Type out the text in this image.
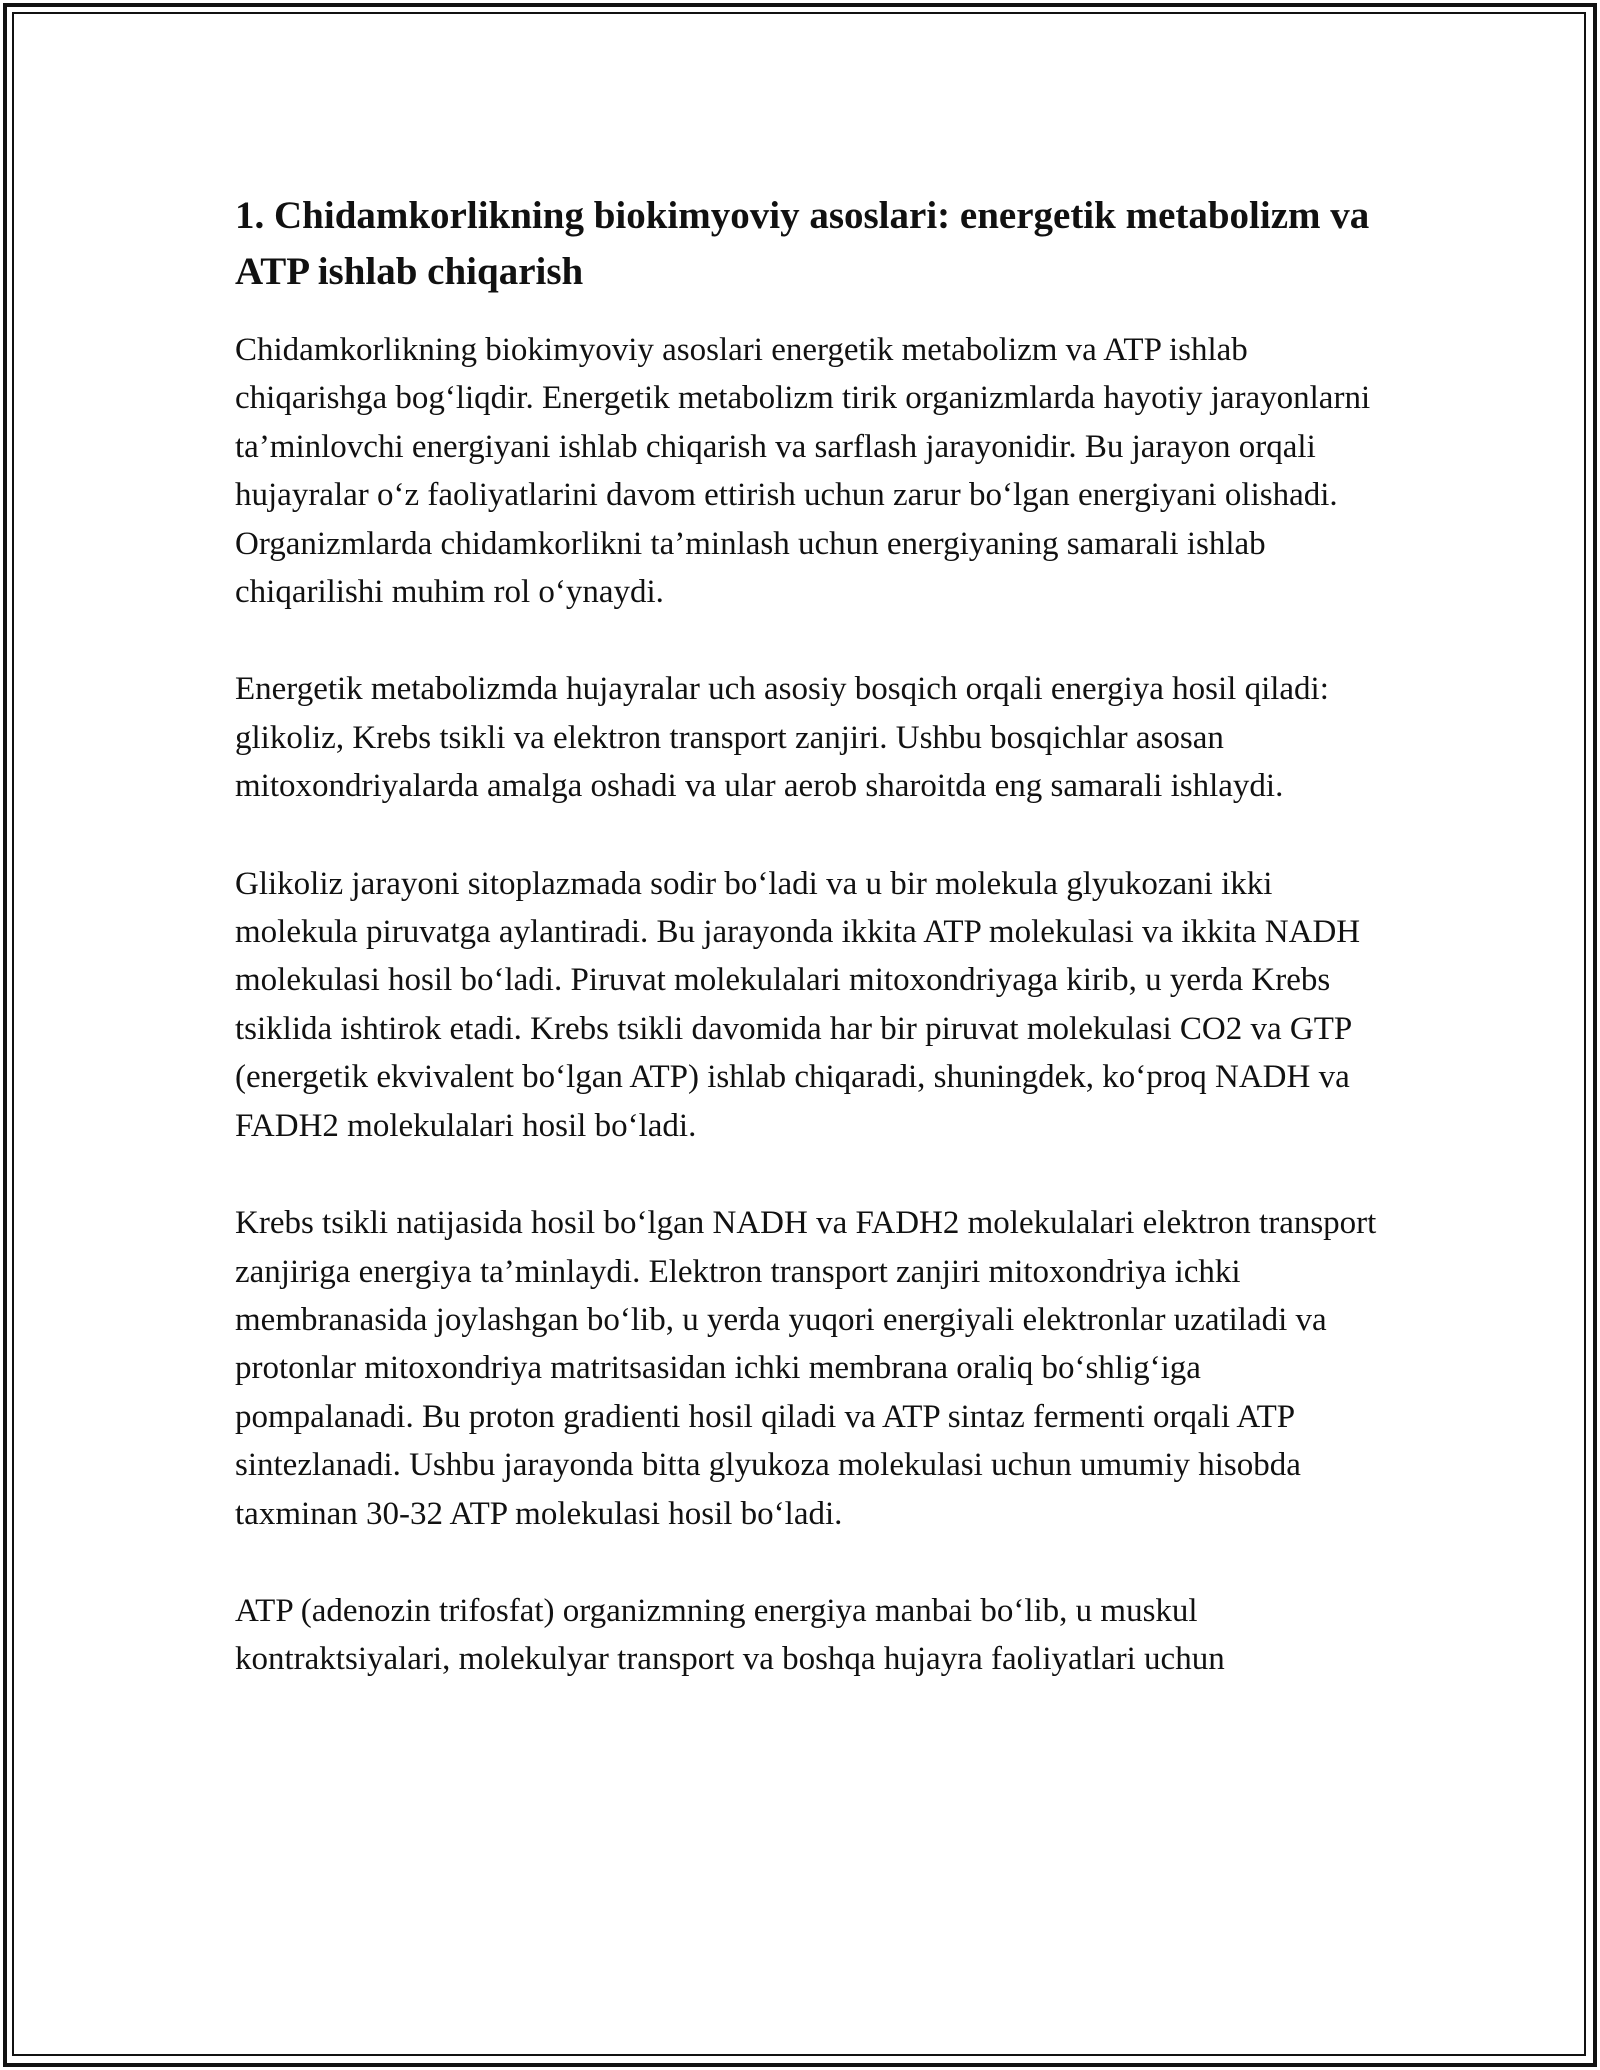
1. Chidamkorlikning biokimyoviy asoslari: energetik metabolizm va ATP ishlab chiqarish

Chidamkorlikning biokimyoviy asoslari energetik metabolizm va ATP ishlab chiqarishga bog‘liqdir. Energetik metabolizm tirik organizmlarda hayotiy jarayonlarni ta’minlovchi energiyani ishlab chiqarish va sarflash jarayonidir. Bu jarayon orqali hujayralar o‘z faoliyatlarini davom ettirish uchun zarur bo‘lgan energiyani olishadi. Organizmlarda chidamkorlikni ta’minlash uchun energiyaning samarali ishlab chiqarilishi muhim rol o‘ynaydi.

Energetik metabolizmda hujayralar uch asosiy bosqich orqali energiya hosil qiladi: glikoliz, Krebs tsikli va elektron transport zanjiri. Ushbu bosqichlar asosan mitoxondriyalarda amalga oshadi va ular aerob sharoitda eng samarali ishlaydi.

Glikoliz jarayoni sitoplazmada sodir bo‘ladi va u bir molekula glyukozani ikki molekula piruvatga aylantiradi. Bu jarayonda ikkita ATP molekulasi va ikkita NADH molekulasi hosil bo‘ladi. Piruvat molekulalari mitoxondriyaga kirib, u yerda Krebs tsiklida ishtirok etadi. Krebs tsikli davomida har bir piruvat molekulasi CO2 va GTP (energetik ekvivalent bo‘lgan ATP) ishlab chiqaradi, shuningdek, ko‘proq NADH va FADH2 molekulalari hosil bo‘ladi.

Krebs tsikli natijasida hosil bo‘lgan NADH va FADH2 molekulalari elektron transport zanjiriga energiya ta’minlaydi. Elektron transport zanjiri mitoxondriya ichki membranasida joylashgan bo‘lib, u yerda yuqori energiyali elektronlar uzatiladi va protonlar mitoxondriya matritsasidan ichki membrana oraliq bo‘shlig‘iga pompalanadi. Bu proton gradienti hosil qiladi va ATP sintaz fermenti orqali ATP sintezlanadi. Ushbu jarayonda bitta glyukoza molekulasi uchun umumiy hisobda taxminan 30-32 ATP molekulasi hosil bo‘ladi.

ATP (adenozin trifosfat) organizmning energiya manbai bo‘lib, u muskul kontraktsiyalari, molekulyar transport va boshqa hujayra faoliyatlari uchun
